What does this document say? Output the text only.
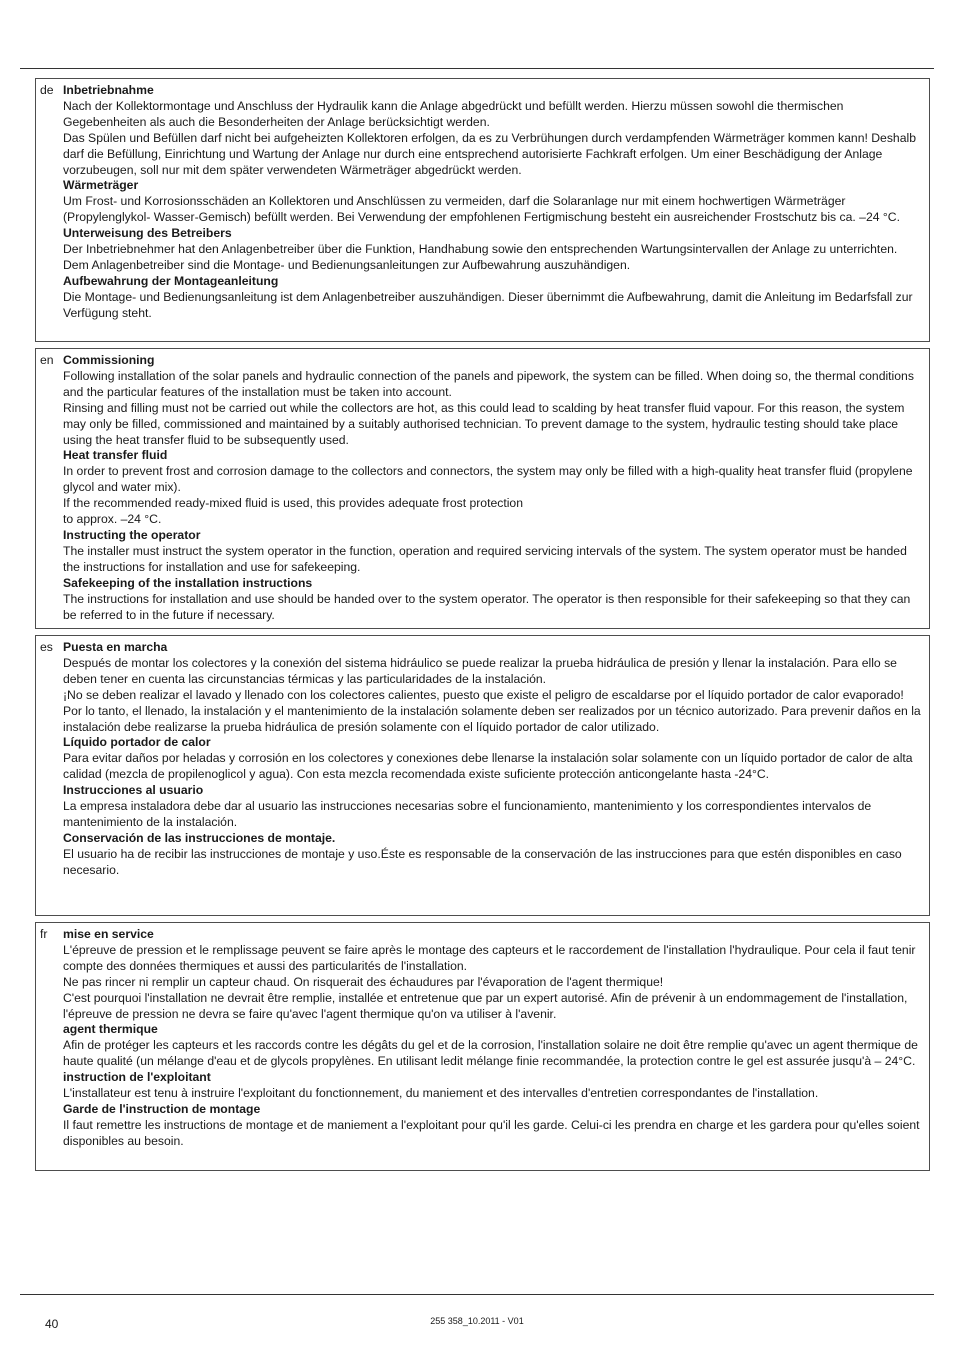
de Inbetriebnahme

Nach der Kollektormontage und Anschluss der Hydraulik kann die Anlage abgedrückt und befüllt werden. Hierzu müssen sowohl die thermischen Gegebenheiten als auch die Besonderheiten der Anlage berücksichtigt werden.

Das Spülen und Befüllen darf nicht bei aufgeheizten Kollektoren erfolgen, da es zu Verbrühungen durch verdampfenden Wärmeträger kommen kann! Deshalb darf die Befüllung, Einrichtung und Wartung der Anlage nur durch eine entsprechend autorisierte Fachkraft erfolgen. Um einer Beschädigung der Anlage vorzubeugen, soll nur mit dem später verwendeten Wärmeträger abgedrückt werden.

Wärmeträger

Um Frost- und Korrosionsschäden an Kollektoren und Anschlüssen zu vermeiden, darf die Solaranlage nur mit einem hochwertigen Wärmeträger (Propylenglykol- Wasser-Gemisch) befüllt werden. Bei Verwendung der empfohlenen Fertigmischung besteht ein ausreichender Frostschutz bis ca. –24 °C.

Unterweisung des Betreibers

Der Inbetriebnehmer hat den Anlagenbetreiber über die Funktion, Handhabung sowie den entsprechenden Wartungsintervallen der Anlage zu unterrichten. Dem Anlagenbetreiber sind die Montage- und Bedienungsanleitungen zur Aufbewahrung auszuhändigen.

Aufbewahrung der Montageanleitung

Die Montage- und Bedienungsanleitung ist dem Anlagenbetreiber auszuhändigen. Dieser übernimmt die Aufbewahrung, damit die Anleitung im Bedarfsfall zur Verfügung steht.

en Commissioning

Following installation of the solar panels and hydraulic connection of the panels and pipework, the system can be filled. When doing so, the thermal conditions and the particular features of the installation must be taken into account.

Rinsing and filling must not be carried out while the collectors are hot, as this could lead to scalding by heat transfer fluid vapour. For this reason, the system may only be filled, commissioned and maintained by a suitably authorised technician. To prevent damage to the system, hydraulic testing should take place using the heat transfer fluid to be subsequently used.

Heat transfer fluid

In order to prevent frost and corrosion damage to the collectors and connectors, the system may only be filled with a high-quality heat transfer fluid (propylene glycol and water mix).

If the recommended ready-mixed fluid is used, this provides adequate frost protection

to approx. –24 °C.

Instructing the operator

The installer must instruct the system operator in the function, operation and required servicing intervals of the system. The system operator must be handed the instructions for installation and use for safekeeping.

Safekeeping of the installation instructions

The instructions for installation and use should be handed over to the system operator. The operator is then responsible for their safekeeping so that they can be referred to in the future if necessary.

es Puesta en marcha

Después de montar los colectores y la conexión del sistema hidráulico se puede realizar la prueba hidráulica de presión y llenar la instalación. Para ello se deben tener en cuenta las circunstancias térmicas y las particularidades de la instalación.

¡No se deben realizar el lavado y llenado con los colectores calientes, puesto que existe el peligro de escaldarse por el líquido portador de calor evaporado!

Por lo tanto, el llenado, la instalación y el mantenimiento de la instalación solamente deben ser realizados por un técnico autorizado. Para prevenir daños en la instalación debe realizarse la prueba hidráulica de presión solamente con el líquido portador de calor utilizado.

Líquido portador de calor

Para evitar daños por heladas y corrosión en los colectores y conexiones debe llenarse la instalación solar solamente con un líquido portador de calor de alta calidad (mezcla de propilenoglicol y agua). Con esta mezcla recomendada existe suficiente protección anticongelante hasta -24°C.

Instrucciones al usuario

La empresa instaladora debe dar al usuario las instrucciones necesarias sobre el funcionamiento, mantenimiento y los correspondientes intervalos de mantenimiento de la instalación.

Conservación de las instrucciones de montaje.

El usuario ha de recibir las instrucciones de montaje y uso.Éste es responsable de la conservación de las instrucciones para que estén disponibles en caso necesario.

fr mise en service

L'épreuve de pression et le remplissage peuvent se faire après le montage des capteurs et le raccordement de l'installation l'hydraulique. Pour cela il faut tenir compte des données thermiques et aussi des particularités de l'installation.

Ne pas rincer ni remplir un capteur chaud. On risquerait des échaudures par l'évaporation de l'agent thermique!

C'est pourquoi l'installation ne devrait être remplie, installée et entretenue que par un expert autorisé. Afin de prévenir à un endommagement de l'installation, l'épreuve de pression ne devra se faire qu'avec l'agent thermique qu'on va utiliser à l'avenir.

agent thermique

Afin de protéger les capteurs et les raccords contre les dégâts du gel et de la corrosion, l'installation solaire ne doit être remplie qu'avec un agent thermique de haute qualité (un mélange d'eau et de glycols propylènes. En utilisant ledit mélange finie recommandée, la protection contre le gel est assurée jusqu'à – 24°C.

instruction de l'exploitant

L'installateur est tenu à instruire l'exploitant du fonctionnement, du maniement et des intervalles d'entretien correspondantes de l'installation.

Garde de l'instruction de montage

Il faut remettre les instructions de montage et de maniement a l'exploitant pour qu'il les garde. Celui-ci les prendra en charge et les gardera pour qu'elles soient disponibles au besoin.

40	255 358_10.2011 - V01
